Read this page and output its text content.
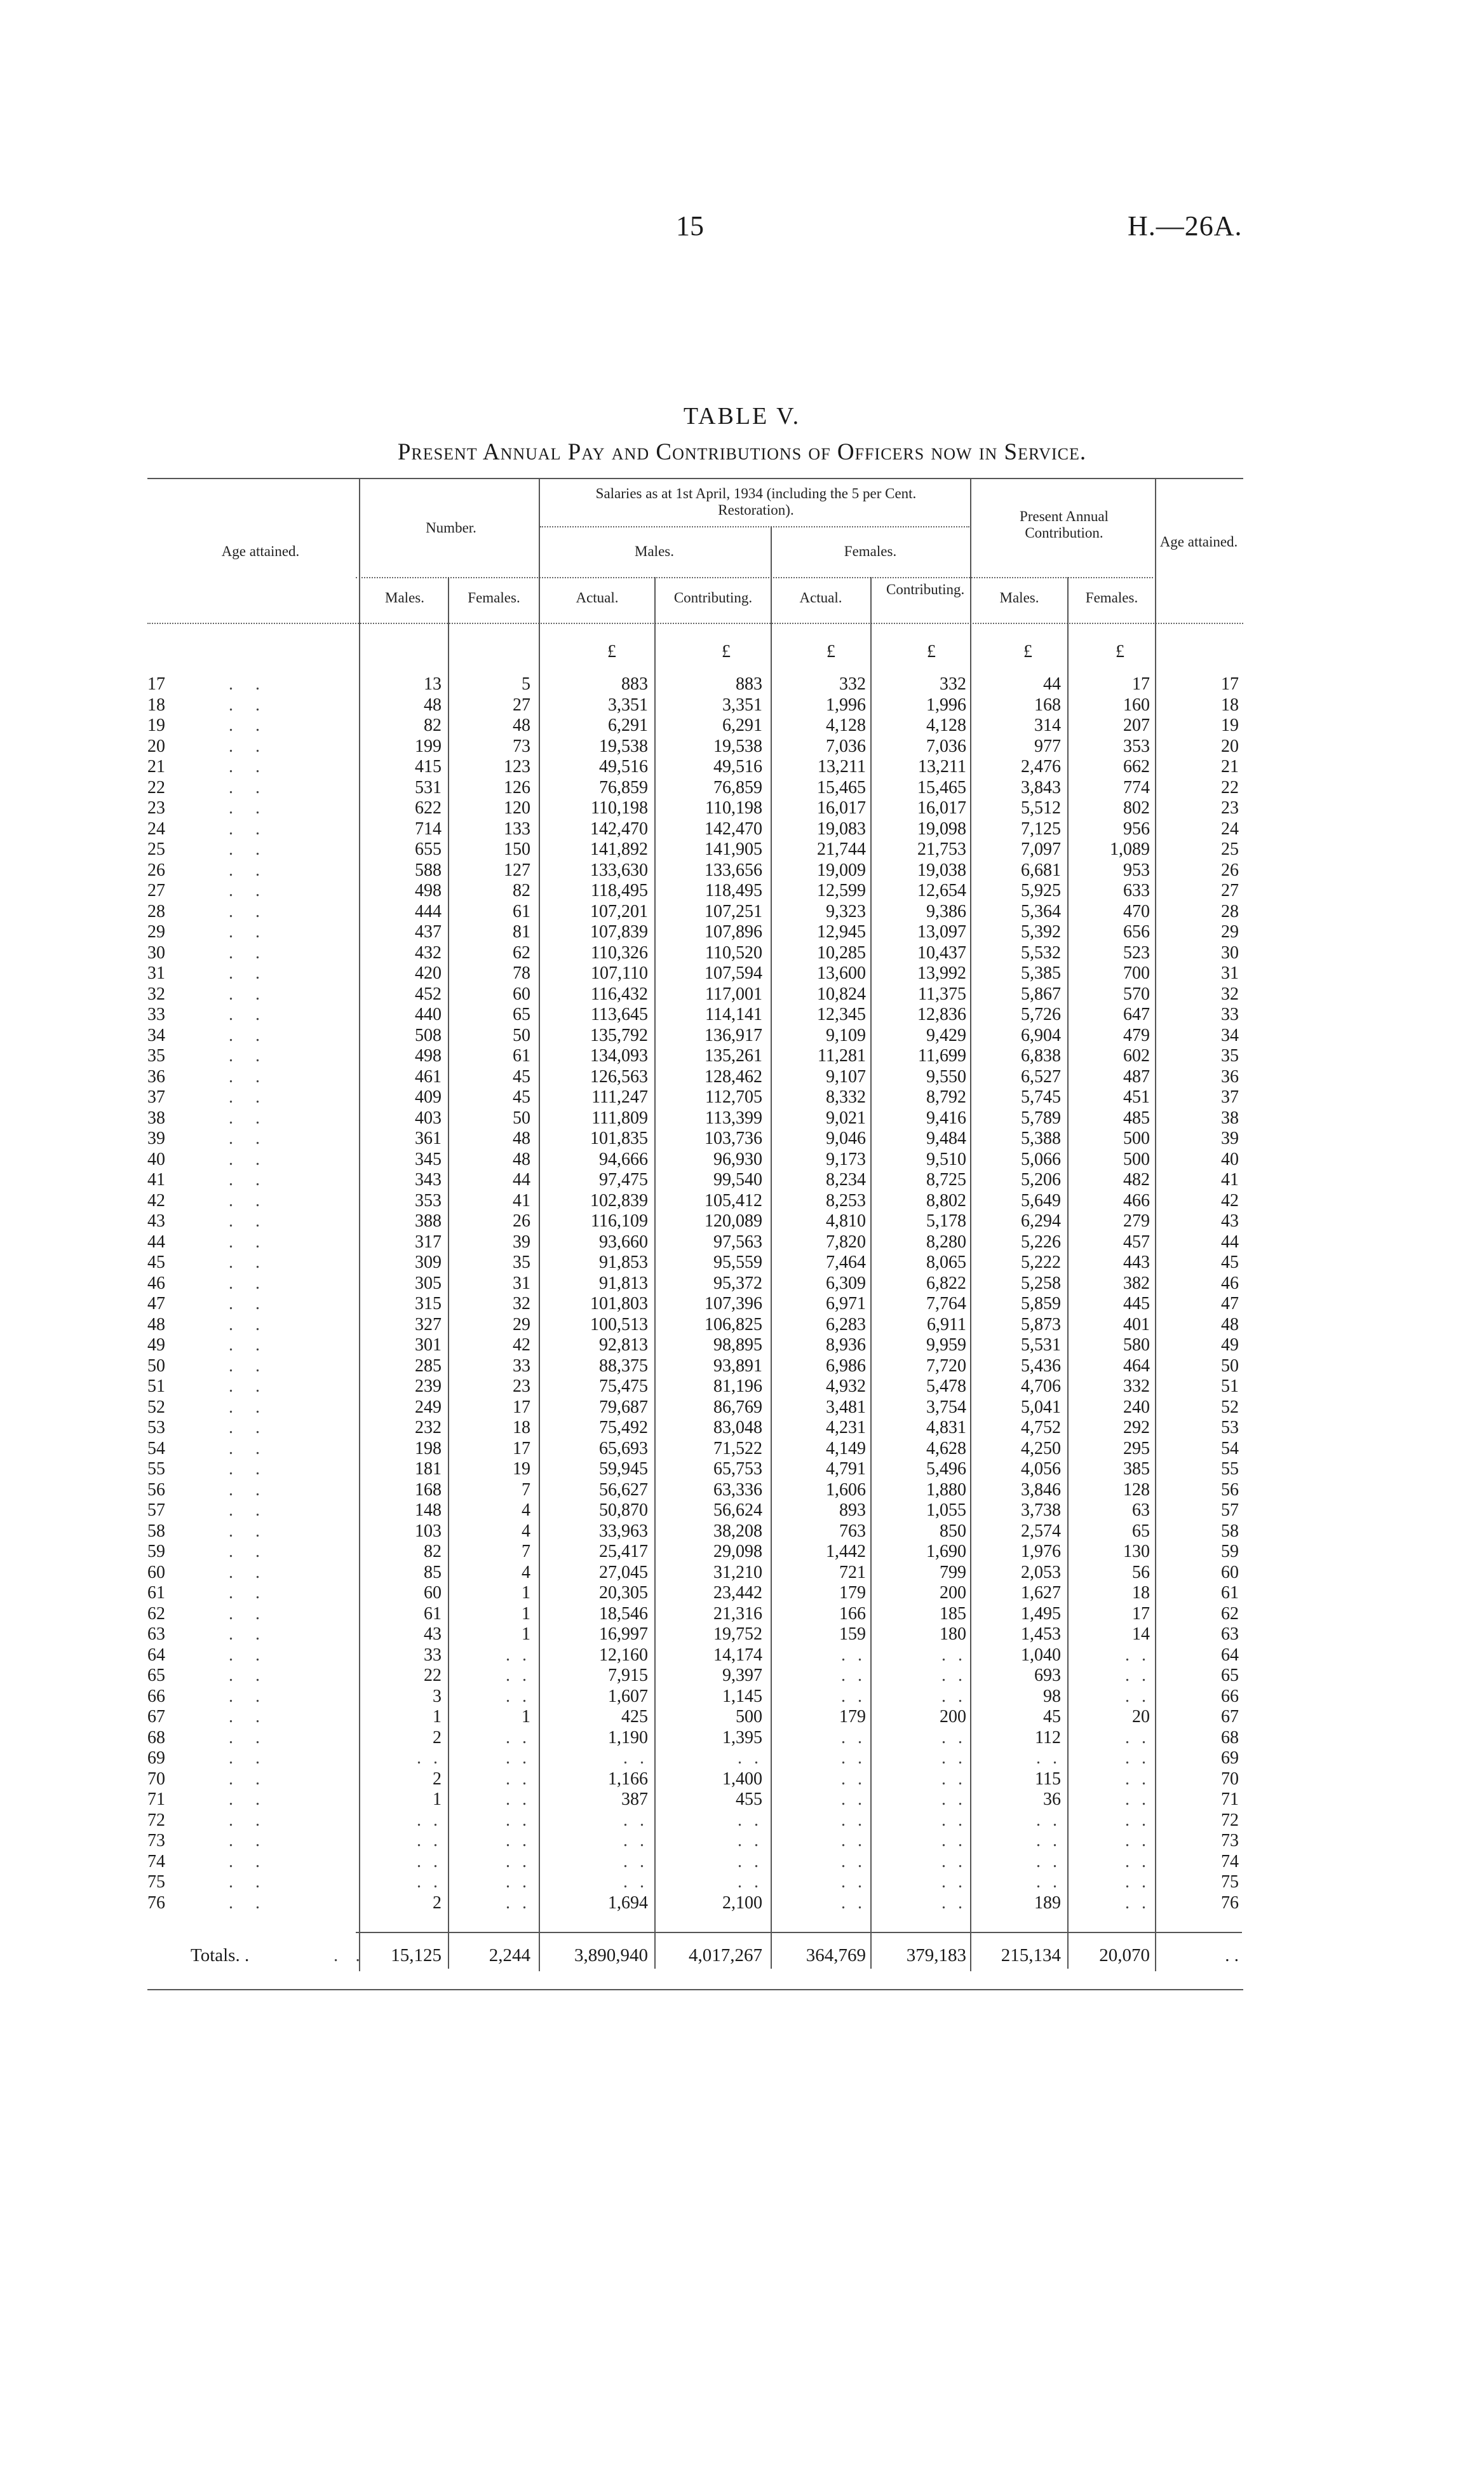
15	H.—26A.
TABLE V.
Present Annual Pay and Contributions of Officers now in Service.
Age attained.
Number.
Males.	Females.
Salaries as at 1st April, 1934 (including the 5 per Cent. Restoration).
Males.	Females.
Actual.	Contributing.	Actual.
Contributing.
Present Annual Contribution.
Males.	Females.
Age attained.
£	£	£	£	£	£
17	. .	13	5	883	883	332	332	44	17	17
18	. .	48	27	3,351	3,351	1,996	1,996	168	160	18
19	. .	82	48	6,291	6,291	4,128	4,128	314	207	19
20	. .	199	73	19,538	19,538	7,036	7,036	977	353	20
21	. .	415	123	49,516	49,516	13,211	13,211	2,476	662	21
22	. .	531	126	76,859	76,859	15,465	15,465	3,843	774	22
23	. .	622	120	110,198	110,198	16,017	16,017	5,512	802	23
24	. .	714	133	142,470	142,470	19,083	19,098	7,125	956	24
25	. .	655	150	141,892	141,905	21,744	21,753	7,097	1,089	25
26	. .	588	127	133,630	133,656	19,009	19,038	6,681	953	26
27	. .	498	82	118,495	118,495	12,599	12,654	5,925	633	27
28	. .	444	61	107,201	107,251	9,323	9,386	5,364	470	28
29	. .	437	81	107,839	107,896	12,945	13,097	5,392	656	29
30	. .	432	62	110,326	110,520	10,285	10,437	5,532	523	30
31	. .	420	78	107,110	107,594	13,600	13,992	5,385	700	31
32	. .	452	60	116,432	117,001	10,824	11,375	5,867	570	32
33	. .	440	65	113,645	114,141	12,345	12,836	5,726	647	33
34	. .	508	50	135,792	136,917	9,109	9,429	6,904	479	34
35	. .	498	61	134,093	135,261	11,281	11,699	6,838	602	35
36	. .	461	45	126,563	128,462	9,107	9,550	6,527	487	36
37	. .	409	45	111,247	112,705	8,332	8,792	5,745	451	37
38	. .	403	50	111,809	113,399	9,021	9,416	5,789	485	38
39	. .	361	48	101,835	103,736	9,046	9,484	5,388	500	39
40	. .	345	48	94,666	96,930	9,173	9,510	5,066	500	40
41	. .	343	44	97,475	99,540	8,234	8,725	5,206	482	41
42	. .	353	41	102,839	105,412	8,253	8,802	5,649	466	42
43	. .	388	26	116,109	120,089	4,810	5,178	6,294	279	43
44	. .	317	39	93,660	97,563	7,820	8,280	5,226	457	44
45	. .	309	35	91,853	95,559	7,464	8,065	5,222	443	45
46	. .	305	31	91,813	95,372	6,309	6,822	5,258	382	46
47	. .	315	32	101,803	107,396	6,971	7,764	5,859	445	47
48	. .	327	29	100,513	106,825	6,283	6,911	5,873	401	48
49	. .	301	42	92,813	98,895	8,936	9,959	5,531	580	49
50	. .	285	33	88,375	93,891	6,986	7,720	5,436	464	50
51	. .	239	23	75,475	81,196	4,932	5,478	4,706	332	51
52	. .	249	17	79,687	86,769	3,481	3,754	5,041	240	52
53	. .	232	18	75,492	83,048	4,231	4,831	4,752	292	53
54	. .	198	17	65,693	71,522	4,149	4,628	4,250	295	54
55	. .	181	19	59,945	65,753	4,791	5,496	4,056	385	55
56	. .	168	7	56,627	63,336	1,606	1,880	3,846	128	56
57	. .	148	4	50,870	56,624	893	1,055	3,738	63	57
58	. .	103	4	33,963	38,208	763	850	2,574	65	58
59	. .	82	7	25,417	29,098	1,442	1,690	1,976	130	59
60	. .	85	4	27,045	31,210	721	799	2,053	56	60
61	. .	60	1	20,305	23,442	179	200	1,627	18	61
62	. .	61	1	18,546	21,316	166	185	1,495	17	62
63	. .	43	1	16,997	19,752	159	180	1,453	14	63
64	. .	33	. .	12,160	14,174	. .	. .	1,040	. .	64
65	. .	22	. .	7,915	9,397	. .	. .	693	. .	65
66	. .	3	. .	1,607	1,145	. .	. .	98	. .	66
67	. .	1	1	425	500	179	200	45	20	67
68	. .	2	. .	1,190	1,395	. .	. .	112	. .	68
69	. .	. .	. .	. .	. .	. .	. .	. .	. .	69
70	. .	2	. .	1,166	1,400	. .	. .	115	. .	70
71	. .	1	. .	387	455	. .	. .	36	. .	71
72	. .	. .	. .	. .	. .	. .	. .	. .	. .	72
73	. .	. .	. .	. .	. .	. .	. .	. .	. .	73
74	. .	. .	. .	. .	. .	. .	. .	. .	. .	74
75	. .	. .	. .	. .	. .	. .	. .	. .	. .	75
76	. .	2	. .	1,694	2,100	. .	. .	189	. .	76
Totals. .	. .	15,125	2,244	3,890,940	4,017,267	364,769	379,183	215,134	20,070	. .
